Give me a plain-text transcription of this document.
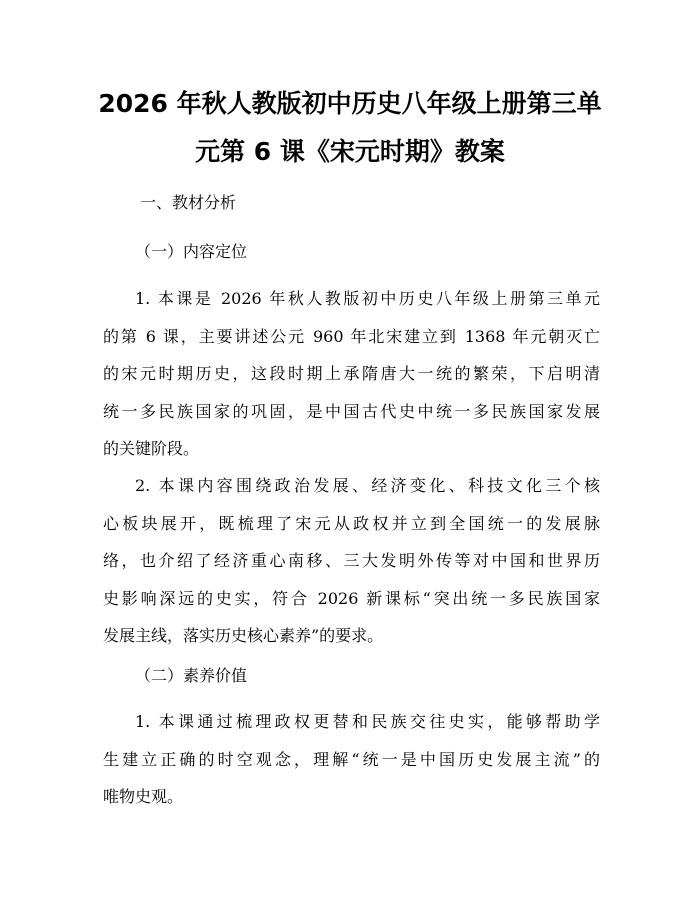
2026 年秋人教版初中历史八年级上册第三单
元第 6 课《宋元时期》教案

一、教材分析

（一）内容定位

1. 本课是 2026 年秋人教版初中历史八年级上册第三单元
的第 6 课，主要讲述公元 960 年北宋建立到 1368 年元朝灭亡
的宋元时期历史，这段时期上承隋唐大一统的繁荣，下启明清
统一多民族国家的巩固，是中国古代史中统一多民族国家发展
的关键阶段。
2. 本课内容围绕政治发展、经济变化、科技文化三个核
心板块展开，既梳理了宋元从政权并立到全国统一的发展脉
络，也介绍了经济重心南移、三大发明外传等对中国和世界历
史影响深远的史实，符合 2026 新课标“突出统一多民族国家
发展主线，落实历史核心素养”的要求。

（二）素养价值

1. 本课通过梳理政权更替和民族交往史实，能够帮助学
生建立正确的时空观念，理解“统一是中国历史发展主流”的
唯物史观。
